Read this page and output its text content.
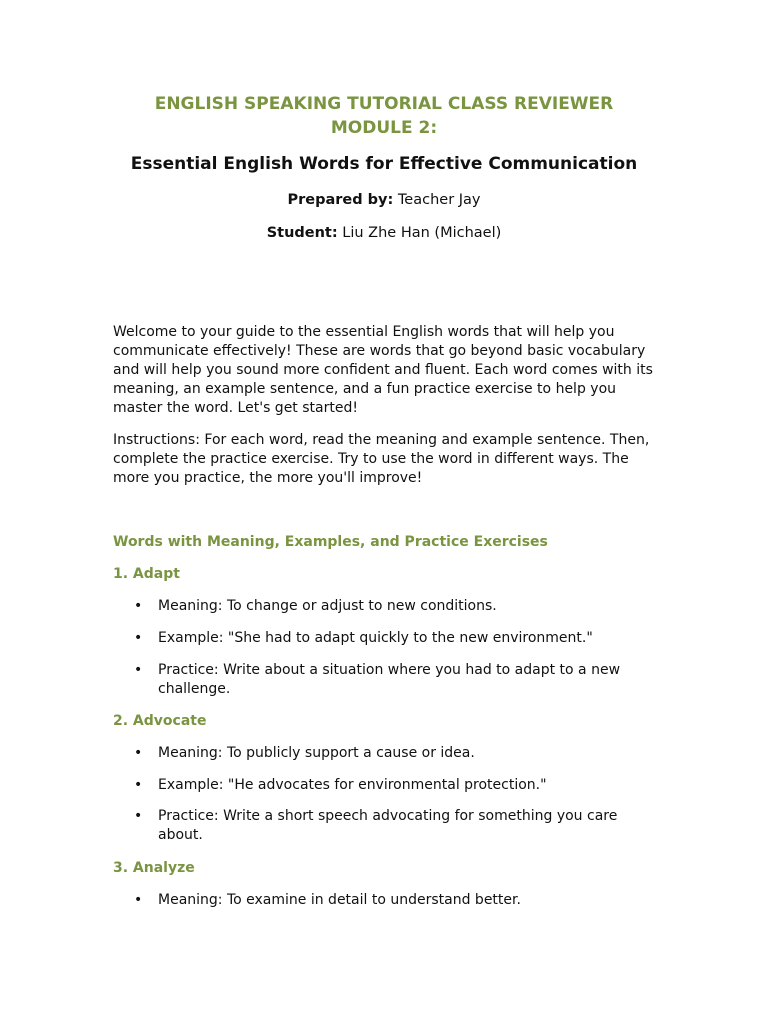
ENGLISH SPEAKING TUTORIAL CLASS REVIEWER
MODULE 2:
Essential English Words for Effective Communication
Prepared by: Teacher Jay
Student: Liu Zhe Han (Michael)
Welcome to your guide to the essential English words that will help you communicate effectively! These are words that go beyond basic vocabulary and will help you sound more confident and fluent. Each word comes with its meaning, an example sentence, and a fun practice exercise to help you master the word. Let's get started!
Instructions: For each word, read the meaning and example sentence. Then, complete the practice exercise. Try to use the word in different ways. The more you practice, the more you'll improve!
Words with Meaning, Examples, and Practice Exercises
1. Adapt
• Meaning: To change or adjust to new conditions.
• Example: "She had to adapt quickly to the new environment."
• Practice: Write about a situation where you had to adapt to a new challenge.
2. Advocate
• Meaning: To publicly support a cause or idea.
• Example: "He advocates for environmental protection."
• Practice: Write a short speech advocating for something you care about.
3. Analyze
• Meaning: To examine in detail to understand better.
